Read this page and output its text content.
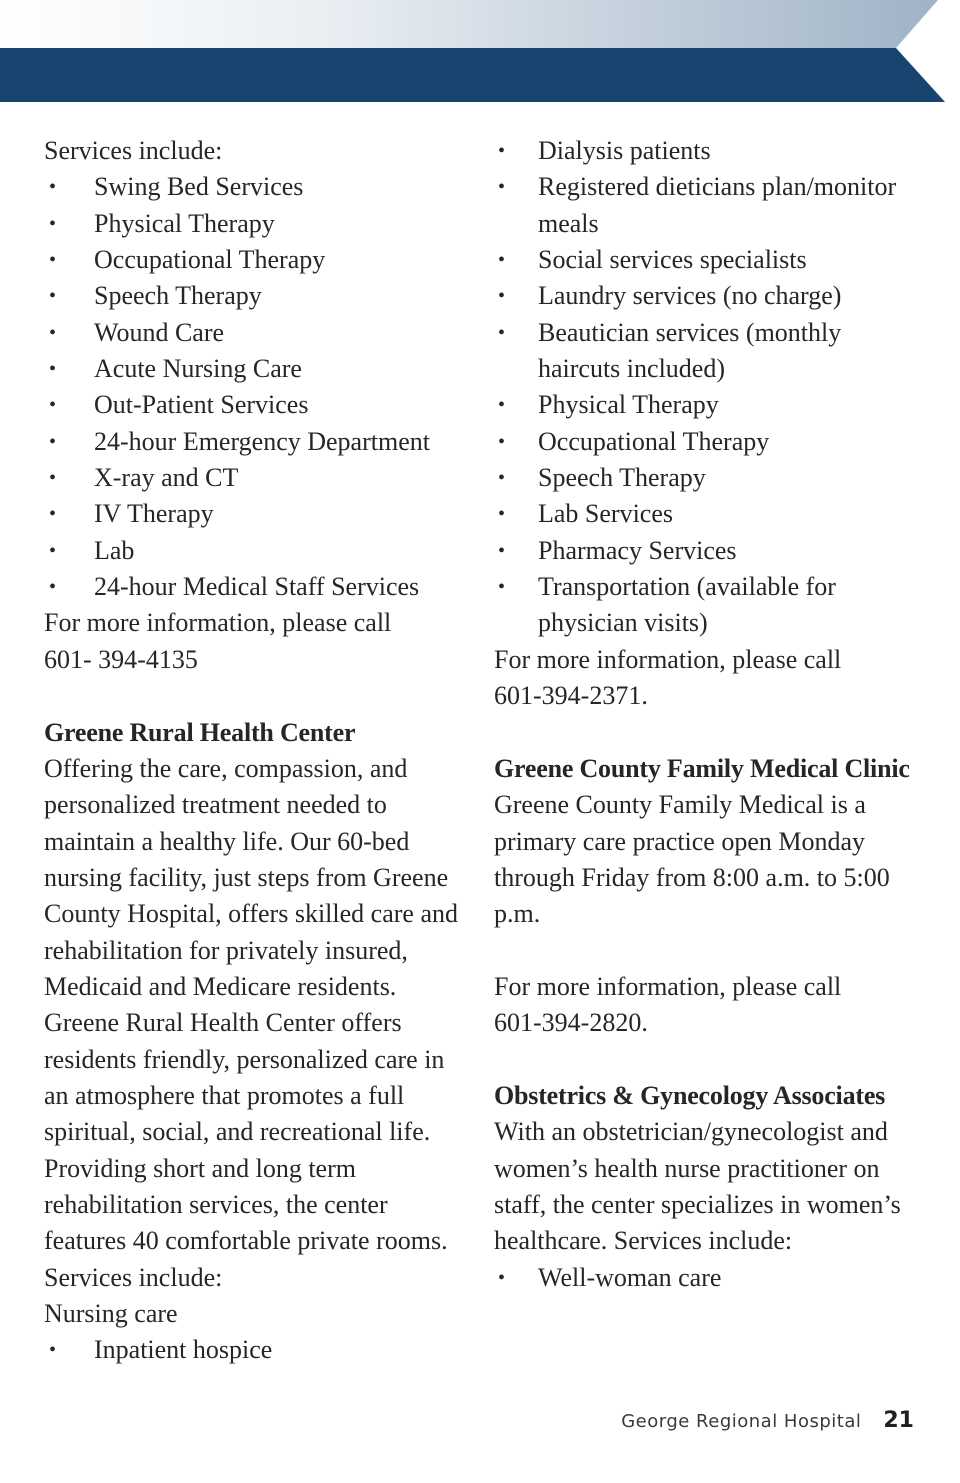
Services include:

• Swing Bed Services
• Physical Therapy
• Occupational Therapy
• Speech Therapy
• Wound Care
• Acute Nursing Care
• Out-Patient Services
• 24-hour Emergency Department
• X-ray and CT
• IV Therapy
• Lab
• 24-hour Medical Staff Services

For more information, please call

601- 394-4135

Greene Rural Health Center

Offering the care, compassion, and personalized treatment needed to maintain a healthy life. Our 60-bed nursing facility, just steps from Greene County Hospital, offers skilled care and rehabilitation for privately insured, Medicaid and Medicare residents. Greene Rural Health Center offers residents friendly, personalized care in an atmosphere that promotes a full spiritual, social, and recreational life. Providing short and long term rehabilitation services, the center features 40 comfortable private rooms.

Services include:

Nursing care

• Inpatient hospice
• Dialysis patients
• Registered dieticians plan/monitor meals
• Social services specialists
• Laundry services (no charge)
• Beautician services (monthly haircuts included)
• Physical Therapy
• Occupational Therapy
• Speech Therapy
• Lab Services
• Pharmacy Services
• Transportation (available for physician visits)

For more information, please call

601-394-2371.

Greene County Family Medical Clinic

Greene County Family Medical is a primary care practice open Monday through Friday from 8:00 a.m. to 5:00 p.m.

For more information, please call

601-394-2820.

Obstetrics & Gynecology Associates

With an obstetrician/gynecologist and women’s health nurse practitioner on staff, the center specializes in women’s healthcare. Services include:

• Well-woman care
George Regional Hospital 21
